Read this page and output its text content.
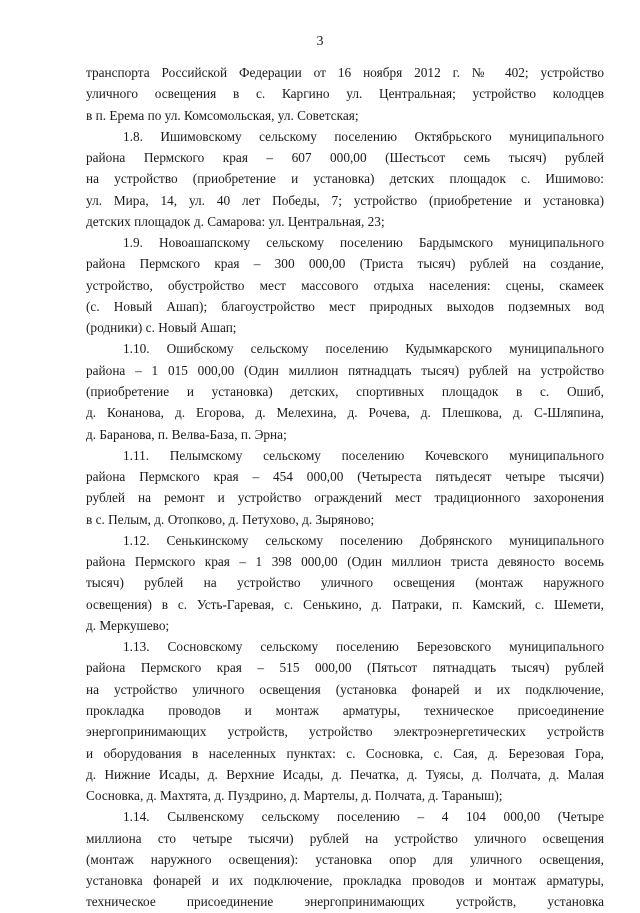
3
транспорта Российской Федерации от 16 ноября 2012 г. № 402; устройство
уличного освещения в с. Каргино ул. Центральная; устройство колодцев
в п. Ерема по ул. Комсомольская, ул. Советская;
1.8. Ишимовскому сельскому поселению Октябрьского муниципального
района Пермского края – 607 000,00 (Шестьсот семь тысяч) рублей
на устройство (приобретение и установка) детских площадок с. Ишимово:
ул. Мира, 14, ул. 40 лет Победы, 7; устройство (приобретение и установка)
детских площадок д. Самарова: ул. Центральная, 23;
1.9. Новоашапскому сельскому поселению Бардымского муниципального
района Пермского края – 300 000,00 (Триста тысяч) рублей на создание,
устройство, обустройство мест массового отдыха населения: сцены, скамеек
(с. Новый Ашап); благоустройство мест природных выходов подземных вод
(родники) с. Новый Ашап;
1.10. Ошибскому сельскому поселению Кудымкарского муниципального
района – 1 015 000,00 (Один миллион пятнадцать тысяч) рублей на устройство
(приобретение и установка) детских, спортивных площадок в с. Ошиб,
д. Конанова, д. Егорова, д. Мелехина, д. Рочева, д. Плешкова, д. С-Шляпина,
д. Баранова, п. Велва-База, п. Эрна;
1.11. Пелымскому сельскому поселению Кочевского муниципального
района Пермского края – 454 000,00 (Четыреста пятьдесят четыре тысячи)
рублей на ремонт и устройство ограждений мест традиционного захоронения
в с. Пелым, д. Отопково, д. Петухово, д. Зыряново;
1.12. Сенькинскому сельскому поселению Добрянского муниципального
района Пермского края – 1 398 000,00 (Один миллион триста девяносто восемь
тысяч) рублей на устройство уличного освещения (монтаж наружного
освещения) в с. Усть-Гаревая, с. Сенькино, д. Патраки, п. Камский, с. Шемети,
д. Меркушево;
1.13. Сосновскому сельскому поселению Березовского муниципального
района Пермского края – 515 000,00 (Пятьсот пятнадцать тысяч) рублей
на устройство уличного освещения (установка фонарей и их подключение,
прокладка проводов и монтаж арматуры, техническое присоединение
энергопринимающих устройств, устройство электроэнергетических устройств
и оборудования в населенных пунктах: с. Сосновка, с. Сая, д. Березовая Гора,
д. Нижние Исады, д. Верхние Исады, д. Печатка, д. Туясы, д. Полчата, д. Малая
Сосновка, д. Махтята, д. Пуздрино, д. Мартелы, д. Полчата, д. Тараныш);
1.14. Сылвенскому сельскому поселению – 4 104 000,00 (Четыре
миллиона сто четыре тысячи) рублей на устройство уличного освещения
(монтаж наружного освещения): установка опор для уличного освещения,
установка фонарей и их подключение, прокладка проводов и монтаж арматуры,
техническое присоединение энергопринимающих устройств, установка
